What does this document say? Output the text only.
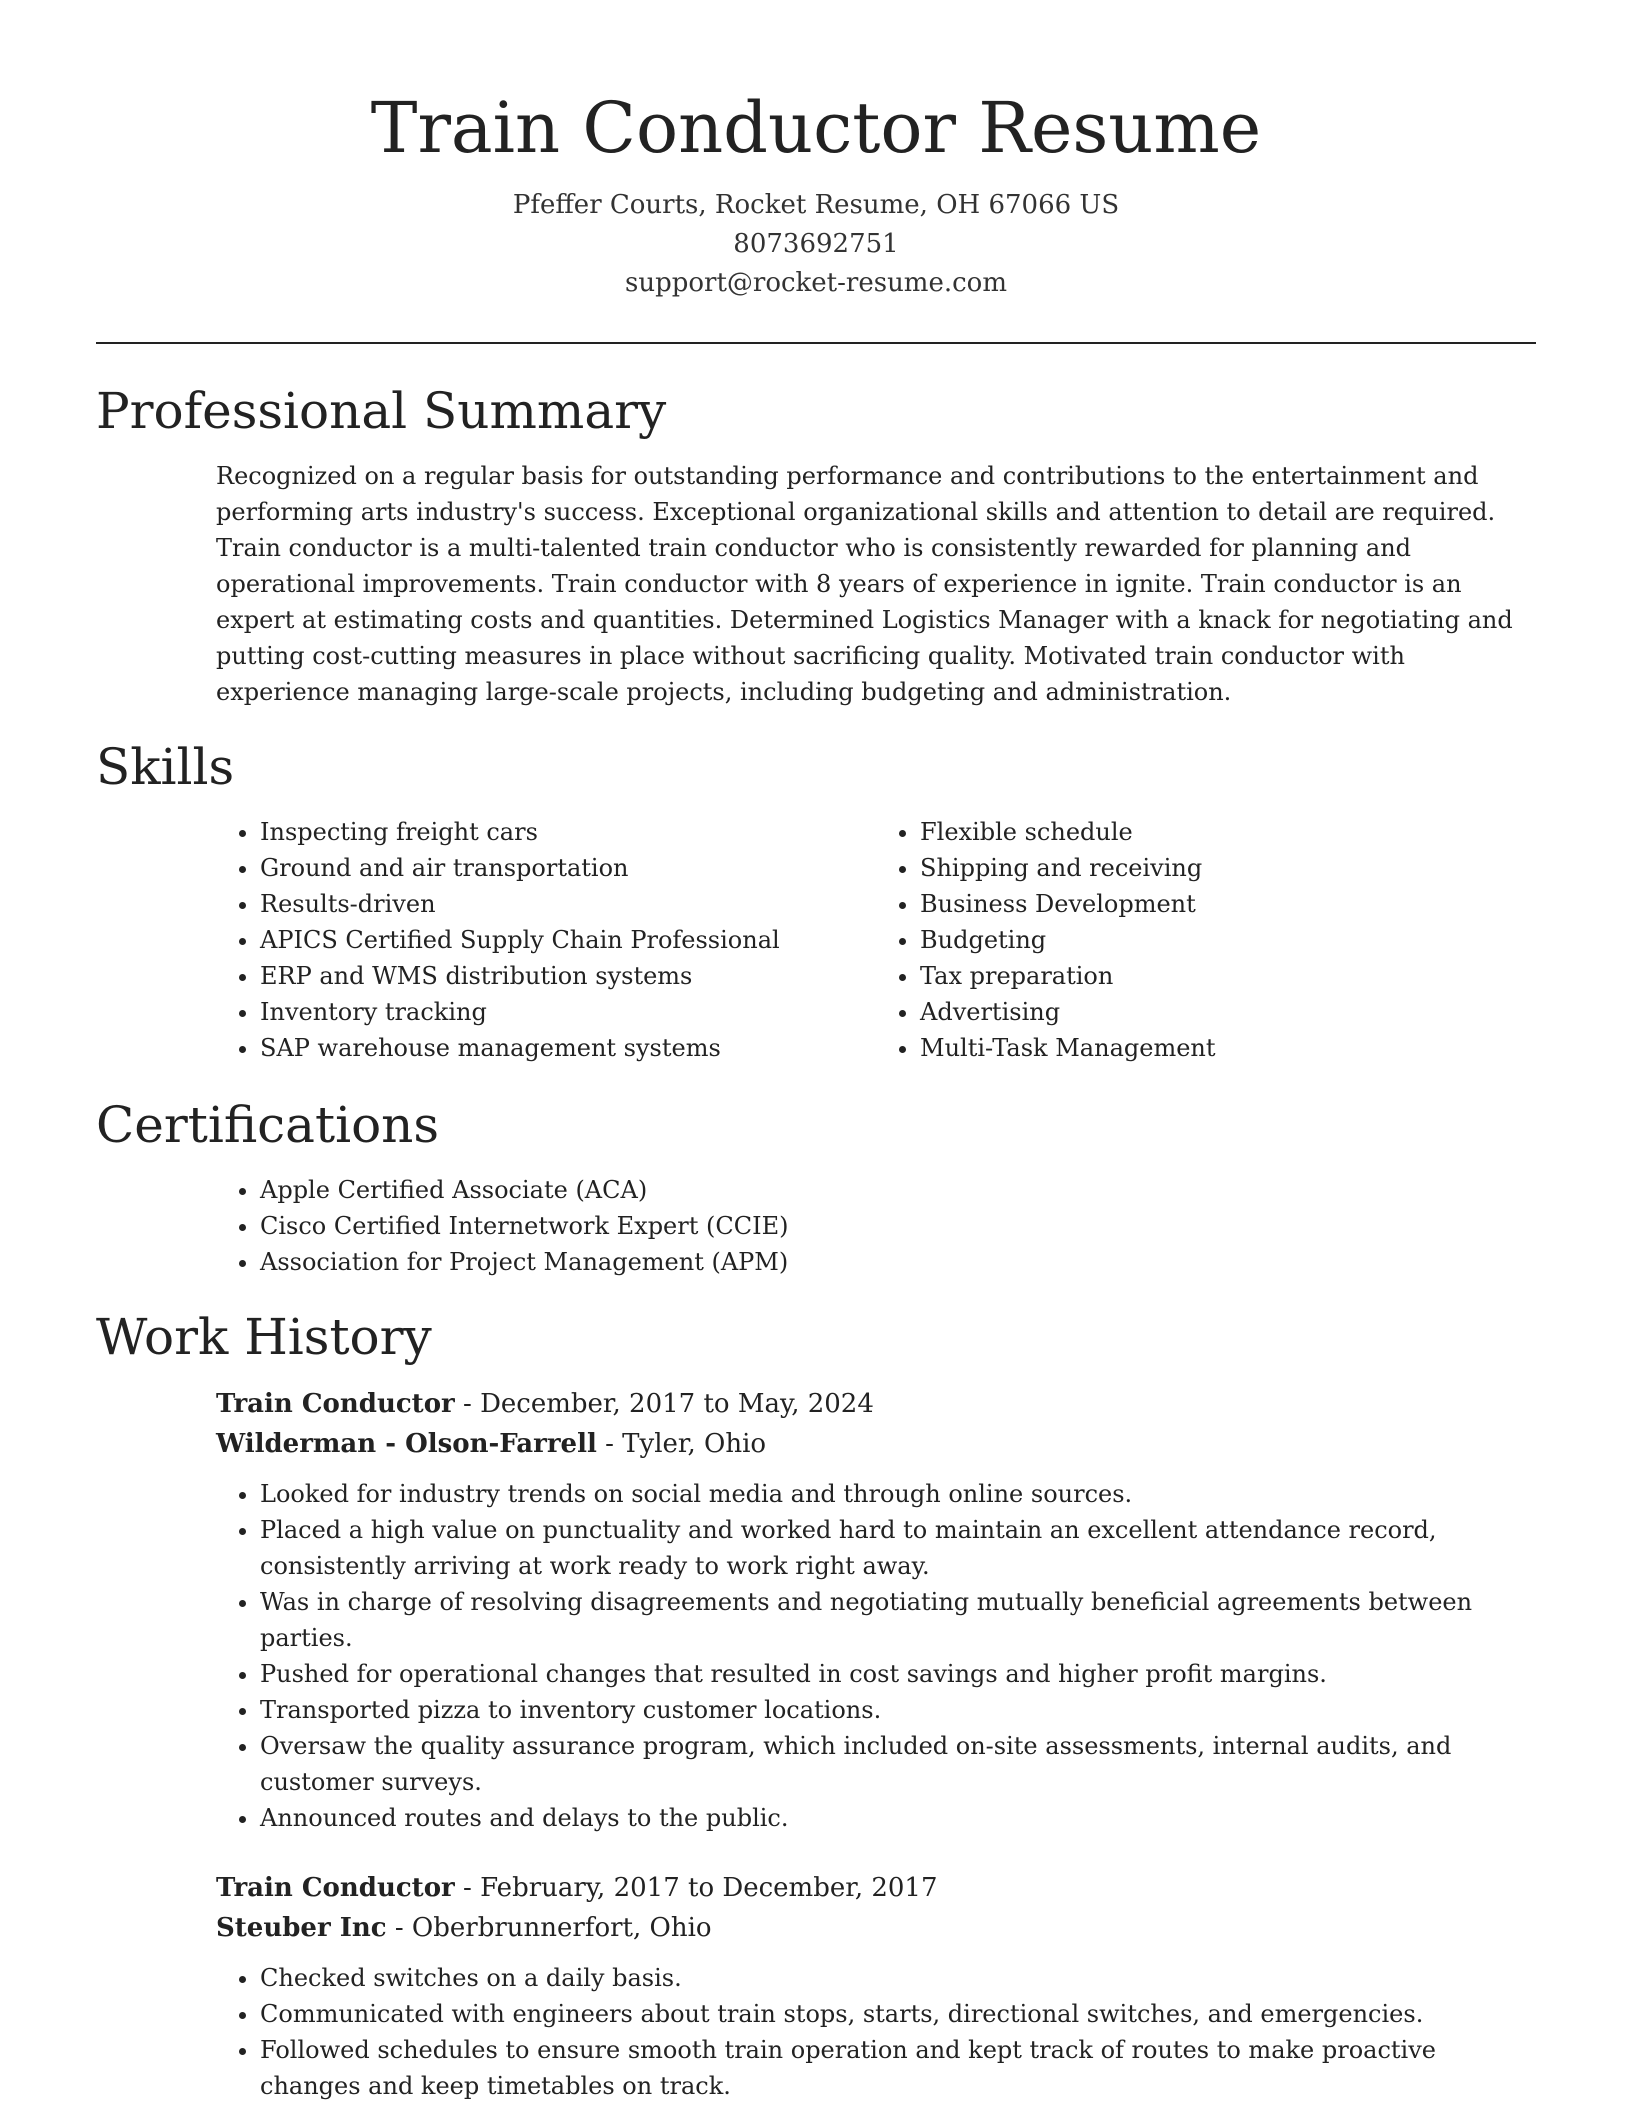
Train Conductor Resume
Pfeffer Courts, Rocket Resume, OH 67066 US
8073692751
support@rocket-resume.com
Professional Summary
Recognized on a regular basis for outstanding performance and contributions to the entertainment and performing arts industry's success. Exceptional organizational skills and attention to detail are required. Train conductor is a multi-talented train conductor who is consistently rewarded for planning and operational improvements. Train conductor with 8 years of experience in ignite. Train conductor is an expert at estimating costs and quantities. Determined Logistics Manager with a knack for negotiating and putting cost-cutting measures in place without sacrificing quality. Motivated train conductor with experience managing large-scale projects, including budgeting and administration.
Skills
• Inspecting freight cars
• Ground and air transportation
• Results-driven
• APICS Certified Supply Chain Professional
• ERP and WMS distribution systems
• Inventory tracking
• SAP warehouse management systems
• Flexible schedule
• Shipping and receiving
• Business Development
• Budgeting
• Tax preparation
• Advertising
• Multi-Task Management
Certifications
• Apple Certified Associate (ACA)
• Cisco Certified Internetwork Expert (CCIE)
• Association for Project Management (APM)
Work History
Train Conductor - December, 2017 to May, 2024
Wilderman - Olson-Farrell - Tyler, Ohio
• Looked for industry trends on social media and through online sources.
• Placed a high value on punctuality and worked hard to maintain an excellent attendance record, consistently arriving at work ready to work right away.
• Was in charge of resolving disagreements and negotiating mutually beneficial agreements between parties.
• Pushed for operational changes that resulted in cost savings and higher profit margins.
• Transported pizza to inventory customer locations.
• Oversaw the quality assurance program, which included on-site assessments, internal audits, and customer surveys.
• Announced routes and delays to the public.
Train Conductor - February, 2017 to December, 2017
Steuber Inc - Oberbrunnerfort, Ohio
• Checked switches on a daily basis.
• Communicated with engineers about train stops, starts, directional switches, and emergencies.
• Followed schedules to ensure smooth train operation and kept track of routes to make proactive changes and keep timetables on track.
